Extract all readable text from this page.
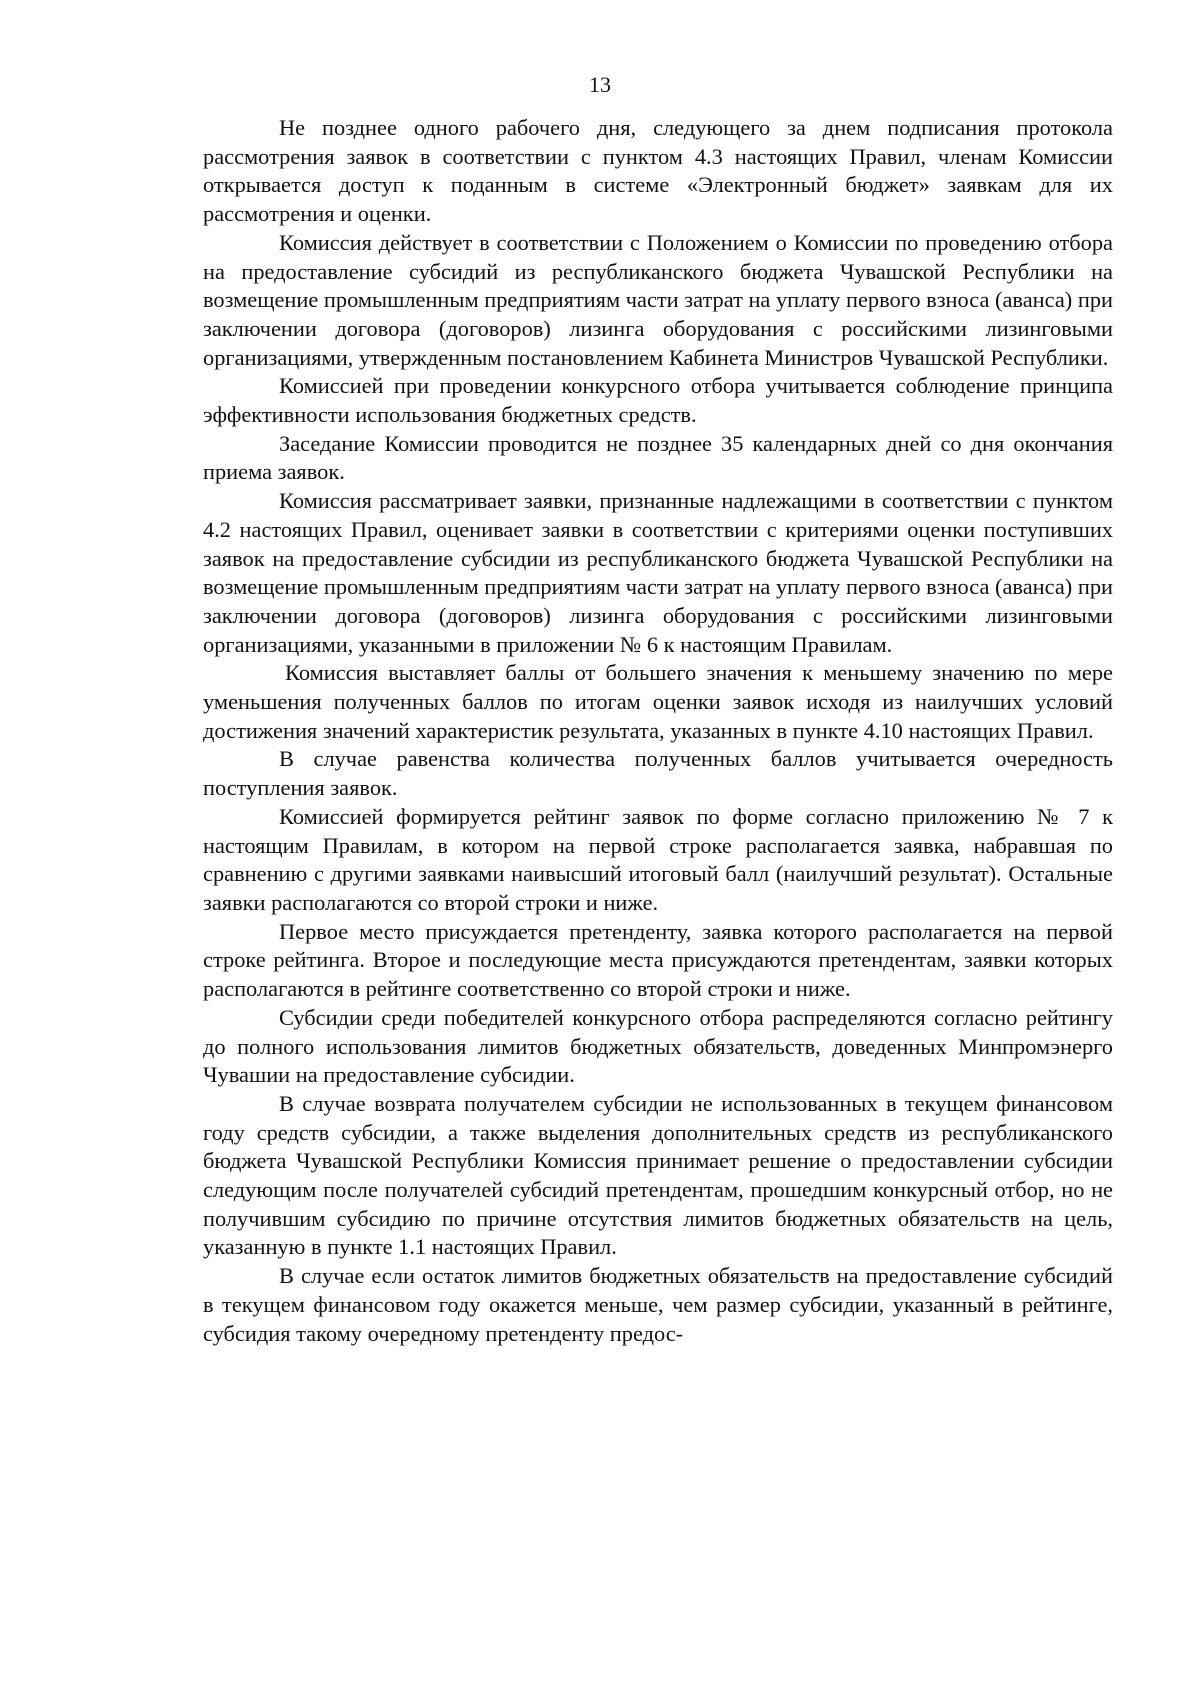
13

Не позднее одного рабочего дня, следующего за днем подписания протокола рассмотрения заявок в соответствии с пунктом 4.3 настоящих Правил, членам Комиссии открывается доступ к поданным в системе «Электронный бюджет» заявкам для их рассмотрения и оценки.

Комиссия действует в соответствии с Положением о Комиссии по проведению отбора на предоставление субсидий из республиканского бюджета Чувашской Республики на возмещение промышленным предприятиям части затрат на уплату первого взноса (аванса) при заключении договора (договоров) лизинга оборудования с российскими лизинговыми организациями, утвержденным постановлением Кабинета Министров Чувашской Республики.

Комиссией при проведении конкурсного отбора учитывается соблюдение принципа эффективности использования бюджетных средств.

Заседание Комиссии проводится не позднее 35 календарных дней со дня окончания приема заявок.

Комиссия рассматривает заявки, признанные надлежащими в соответствии с пунктом 4.2 настоящих Правил, оценивает заявки в соответствии с критериями оценки поступивших заявок на предоставление субсидии из республиканского бюджета Чувашской Республики на возмещение промышленным предприятиям части затрат на уплату первого взноса (аванса) при заключении договора (договоров) лизинга оборудования с российскими лизинговыми организациями, указанными в приложении № 6 к настоящим Правилам.

Комиссия выставляет баллы от большего значения к меньшему значению по мере уменьшения полученных баллов по итогам оценки заявок исходя из наилучших условий достижения значений характеристик результата, указанных в пункте 4.10 настоящих Правил.

В случае равенства количества полученных баллов учитывается очередность поступления заявок.

Комиссией формируется рейтинг заявок по форме согласно приложению № 7 к настоящим Правилам, в котором на первой строке располагается заявка, набравшая по сравнению с другими заявками наивысший итоговый балл (наилучший результат). Остальные заявки располагаются со второй строки и ниже.

Первое место присуждается претенденту, заявка которого располагается на первой строке рейтинга. Второе и последующие места присуждаются претендентам, заявки которых располагаются в рейтинге соответственно со второй строки и ниже.

Субсидии среди победителей конкурсного отбора распределяются согласно рейтингу до полного использования лимитов бюджетных обязательств, доведенных Минпромэнерго Чувашии на предоставление субсидии.

В случае возврата получателем субсидии не использованных в текущем финансовом году средств субсидии, а также выделения дополнительных средств из республиканского бюджета Чувашской Республики Комиссия принимает решение о предоставлении субсидии следующим после получателей субсидий претендентам, прошедшим конкурсный отбор, но не получившим субсидию по причине отсутствия лимитов бюджетных обязательств на цель, указанную в пункте 1.1 настоящих Правил.

В случае если остаток лимитов бюджетных обязательств на предоставление субсидий в текущем финансовом году окажется меньше, чем размер субсидии, указанный в рейтинге, субсидия такому очередному претенденту предос-
